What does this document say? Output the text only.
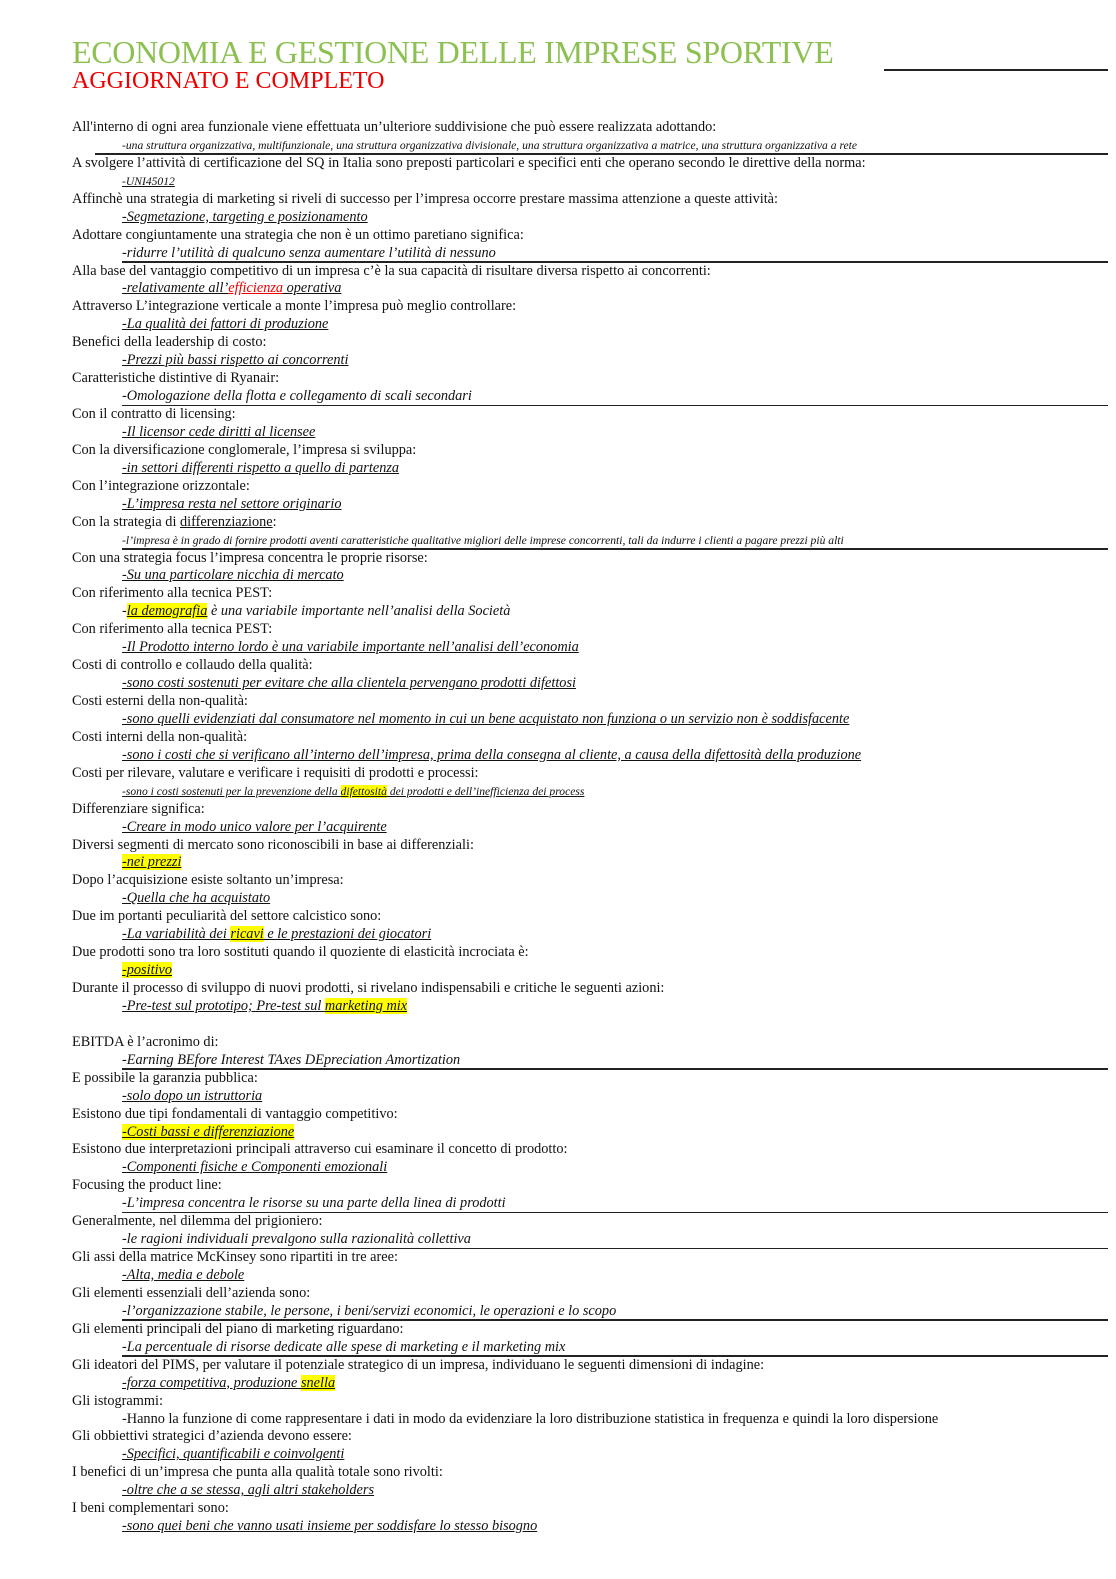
ECONOMIA E GESTIONE DELLE IMPRESE SPORTIVE
AGGIORNATO E COMPLETO
All'interno di ogni area funzionale viene effettuata un’ulteriore suddivisione che può essere realizzata adottando:
-una struttura organizzativa, multifunzionale, una struttura organizzativa divisionale, una struttura organizzativa a matrice, una struttura organizzativa a rete
A svolgere l’attività di certificazione del SQ in Italia sono preposti particolari e specifici enti che operano secondo le direttive della norma:
-UNI45012
Affinchè una strategia di marketing si riveli di successo per l’impresa occorre prestare massima attenzione a queste attività:
-Segmetazione, targeting e posizionamento
Adottare congiuntamente una strategia che non è un ottimo paretiano significa:
-ridurre l’utilità di qualcuno senza aumentare l’utilità di nessuno
Alla base del vantaggio competitivo di un impresa c’è la sua capacità di risultare diversa rispetto ai concorrenti:
-relativamente all’efficienza operativa
Attraverso L’integrazione verticale a monte l’impresa può meglio controllare:
-La qualità dei fattori di produzione
Benefici della leadership di costo:
-Prezzi più bassi rispetto ai concorrenti
Caratteristiche distintive di Ryanair:
-Omologazione della flotta e collegamento di scali secondari
Con il contratto di licensing:
-Il licensor cede diritti al licensee
Con la diversificazione conglomerale, l’impresa si sviluppa:
-in settori differenti rispetto a quello di partenza
Con l’integrazione orizzontale:
-L’impresa resta nel settore originario
Con la strategia di differenziazione:
-l’impresa è in grado di fornire prodotti aventi caratteristiche qualitative migliori delle imprese concorrenti, tali da indurre i clienti a pagare prezzi più alti
Con una strategia focus l’impresa concentra le proprie risorse:
-Su una particolare nicchia di mercato
Con riferimento alla tecnica PEST:
-la demografia è una variabile importante nell’analisi della Società
Con riferimento alla tecnica PEST:
-Il Prodotto interno lordo è una variabile importante nell’analisi dell’economia
Costi di controllo e collaudo della qualità:
-sono costi sostenuti per evitare che alla clientela pervengano prodotti difettosi
Costi esterni della non-qualità:
-sono quelli evidenziati dal consumatore nel momento in cui un bene acquistato non funziona o un servizio non è soddisfacente
Costi interni della non-qualità:
-sono i costi che si verificano all’interno dell’impresa, prima della consegna al cliente, a causa della difettosità della produzione
Costi per rilevare, valutare e verificare i requisiti di prodotti e processi:
-sono i costi sostenuti per la prevenzione della difettosità dei prodotti e dell’inefficienza dei process
Differenziare significa:
-Creare in modo unico valore per l’acquirente
Diversi segmenti di mercato sono riconoscibili in base ai differenziali:
-nei prezzi
Dopo l’acquisizione esiste soltanto un’impresa:
-Quella che ha acquistato
Due im portanti peculiarità del settore calcistico sono:
-La variabilità dei ricavi e le prestazioni dei giocatori
Due prodotti sono tra loro sostituti quando il quoziente di elasticità incrociata è:
-positivo
Durante il processo di sviluppo di nuovi prodotti, si rivelano indispensabili e critiche le seguenti azioni:
-Pre-test sul prototipo; Pre-test sul marketing mix
EBITDA è l’acronimo di:
-Earning BEfore Interest TAxes DEpreciation Amortization
E possibile la garanzia pubblica:
-solo dopo un istruttoria
Esistono due tipi fondamentali di vantaggio competitivo:
-Costi bassi e differenziazione
Esistono due interpretazioni principali attraverso cui esaminare il concetto di prodotto:
-Componenti fisiche e Componenti emozionali
Focusing the product line:
-L’impresa concentra le risorse su una parte della linea di prodotti
Generalmente, nel dilemma del prigioniero:
-le ragioni individuali prevalgono sulla razionalità collettiva
Gli assi della matrice McKinsey sono ripartiti in tre aree:
-Alta, media e debole
Gli elementi essenziali dell’azienda sono:
-l’organizzazione stabile, le persone, i beni/servizi economici, le operazioni e lo scopo
Gli elementi principali del piano di marketing riguardano:
-La percentuale di risorse dedicate alle spese di marketing e il marketing mix
Gli ideatori del PIMS, per valutare il potenziale strategico di un impresa, individuano le seguenti dimensioni di indagine:
-forza competitiva, produzione snella
Gli istogrammi:
-Hanno la funzione di come rappresentare i dati in modo da evidenziare la loro distribuzione statistica in frequenza e quindi la loro dispersione
Gli obbiettivi strategici d’azienda devono essere:
-Specifici, quantificabili e coinvolgenti
I benefici di un’impresa che punta alla qualità totale sono rivolti:
-oltre che a se stessa, agli altri stakeholders
I beni complementari sono:
-sono quei beni che vanno usati insieme per soddisfare lo stesso bisogno
